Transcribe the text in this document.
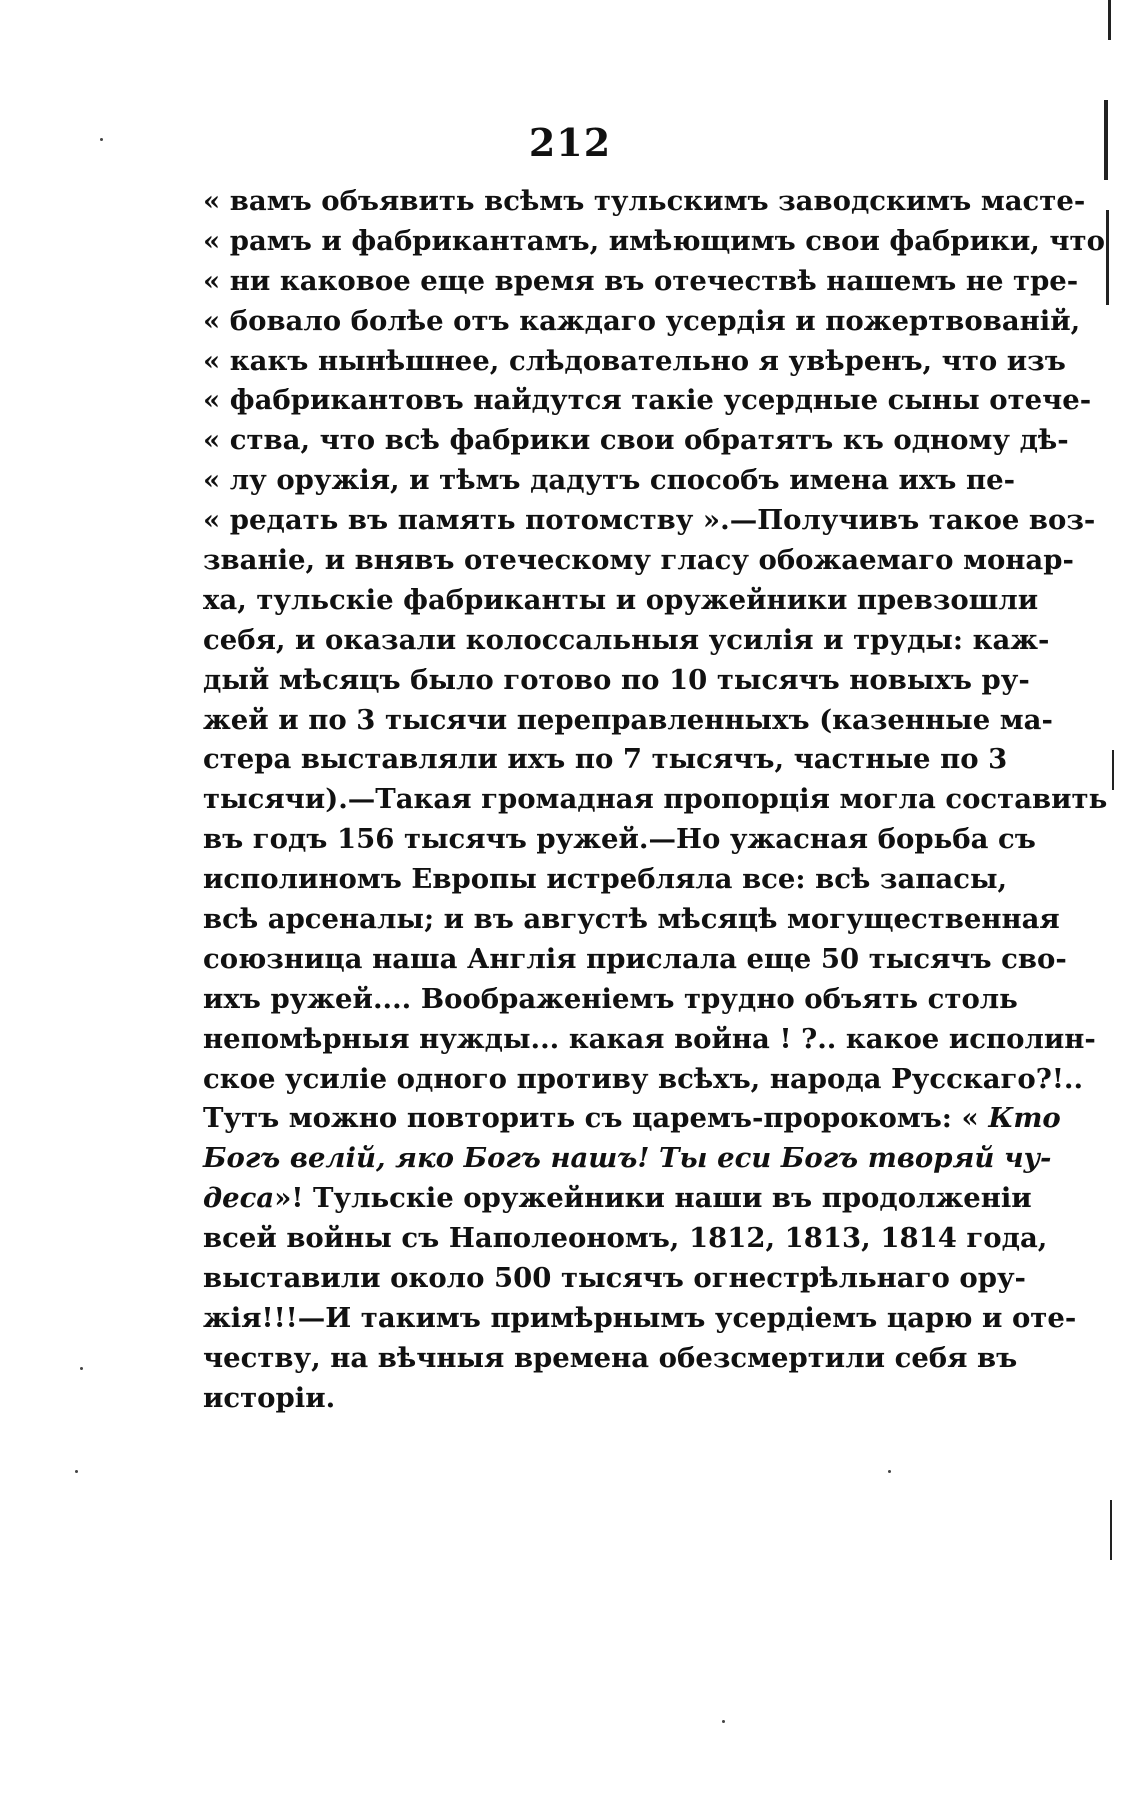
212
« вамъ объявить всѣмъ тульскимъ заводскимъ масте-
« рамъ и фабрикантамъ, имѣющимъ свои фабрики, что
« ни каковое еще время въ отечествѣ нашемъ не тре-
« бовало болѣе отъ каждаго усердія и пожертвованій,
« какъ нынѣшнее, слѣдовательно я увѣренъ, что изъ
« фабрикантовъ найдутся такіе усердные сыны отече-
« ства, что всѣ фабрики свои обратятъ къ одному дѣ-
« лу оружія, и тѣмъ дадутъ способъ имена ихъ пе-
« редать въ память потомству ».—Получивъ такое воз-
званіе, и внявъ отеческому гласу обожаемаго монар-
ха, тульскіе фабриканты и оружейники превзошли
себя, и оказали колоссальныя усилія и труды: каж-
дый мѣсяцъ было готово по 10 тысячъ новыхъ ру-
жей и по 3 тысячи переправленныхъ (казенные ма-
стера выставляли ихъ по 7 тысячъ, частные по 3
тысячи).—Такая громадная пропорція могла составить
въ годъ 156 тысячъ ружей.—Но ужасная борьба съ
исполиномъ Европы истребляла все: всѣ запасы,
всѣ арсеналы; и въ августѣ мѣсяцѣ могущественная
союзница наша Англія прислала еще 50 тысячъ сво-
ихъ ружей.... Воображеніемъ трудно объять столь
непомѣрныя нужды... какая война ! ?.. какое исполин-
ское усиліе одного противу всѣхъ, народа Русскаго?!..
Тутъ можно повторить съ царемъ-пророкомъ: « Кто
Богъ велій, яко Богъ нашъ! Ты еси Богъ творяй чу-
деса»! Тульскіе оружейники наши въ продолженіи
всей войны съ Наполеономъ, 1812, 1813, 1814 года,
выставили около 500 тысячъ огнестрѣльнаго ору-
жія!!!—И такимъ примѣрнымъ усердіемъ царю и оте-
честву, на вѣчныя времена обезсмертили себя въ
исторіи.
